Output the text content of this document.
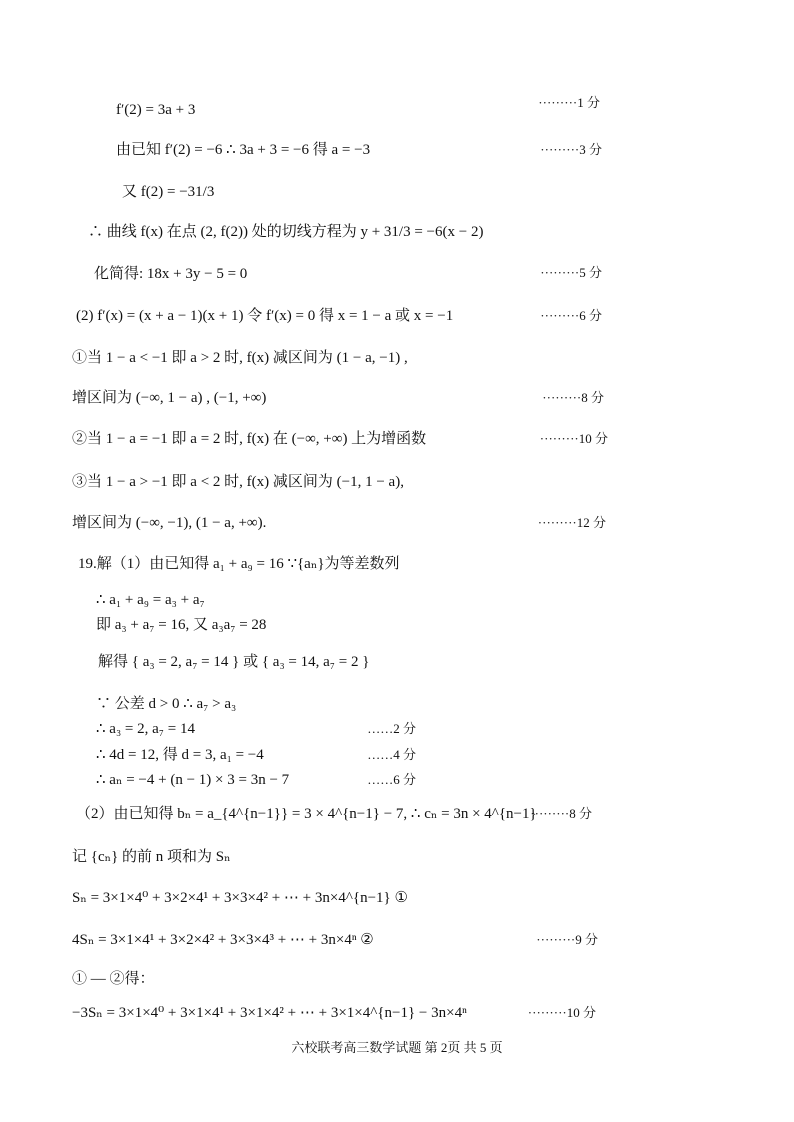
f′(2) = 3a + 3	·········1 分
由已知 f′(2) = −6 ∴ 3a + 3 = −6 得 a = −3	·········3 分
又 f(2) = −31/3
∴ 曲线 f(x) 在点 (2, f(2)) 处的切线方程为 y + 31/3 = −6(x − 2)
化简得: 18x + 3y − 5 = 0	·········5 分
(2) f′(x) = (x + a − 1)(x + 1) 令 f′(x) = 0 得 x = 1 − a 或 x = −1	·········6 分
①当 1 − a < −1 即 a > 2 时, f(x) 减区间为 (1 − a, −1) ,
增区间为 (−∞, 1 − a) , (−1, +∞)	·········8 分
②当 1 − a = −1 即 a = 2 时, f(x) 在 (−∞, +∞) 上为增函数	·········10 分
③当 1 − a > −1 即 a < 2 时, f(x) 减区间为 (−1, 1 − a),
增区间为 (−∞, −1), (1 − a, +∞).	·········12 分
19.解（1）由已知得 a₁ + a₉ = 16 ∵{aₙ}为等差数列
∴ a₁ + a₉ = a₃ + a₇
即 a₃ + a₇ = 16, 又 a₃a₇ = 28
解得 { a₃ = 2, a₇ = 14 } 或 { a₃ = 14, a₇ = 2 }
∵ 公差 d > 0 ∴ a₇ > a₃
∴ a₃ = 2, a₇ = 14	……2 分
∴ 4d = 12, 得 d = 3, a₁ = −4	……4 分
∴ aₙ = −4 + (n − 1) × 3 = 3n − 7	……6 分
（2）由已知得 bₙ = a_{4^{n−1}} = 3 × 4^{n−1} − 7, ∴ cₙ = 3n × 4^{n−1}
·········8 分
记 {cₙ} 的前 n 项和为 Sₙ
Sₙ = 3×1×4⁰ + 3×2×4¹ + 3×3×4² + ⋯ + 3n×4^{n−1} ①
4Sₙ = 3×1×4¹ + 3×2×4² + 3×3×4³ + ⋯ + 3n×4ⁿ ②	·········9 分
① — ②得：
−3Sₙ = 3×1×4⁰ + 3×1×4¹ + 3×1×4² + ⋯ + 3×1×4^{n−1} − 3n×4ⁿ	·········10 分
六校联考高三数学试题 第 2页 共 5 页
